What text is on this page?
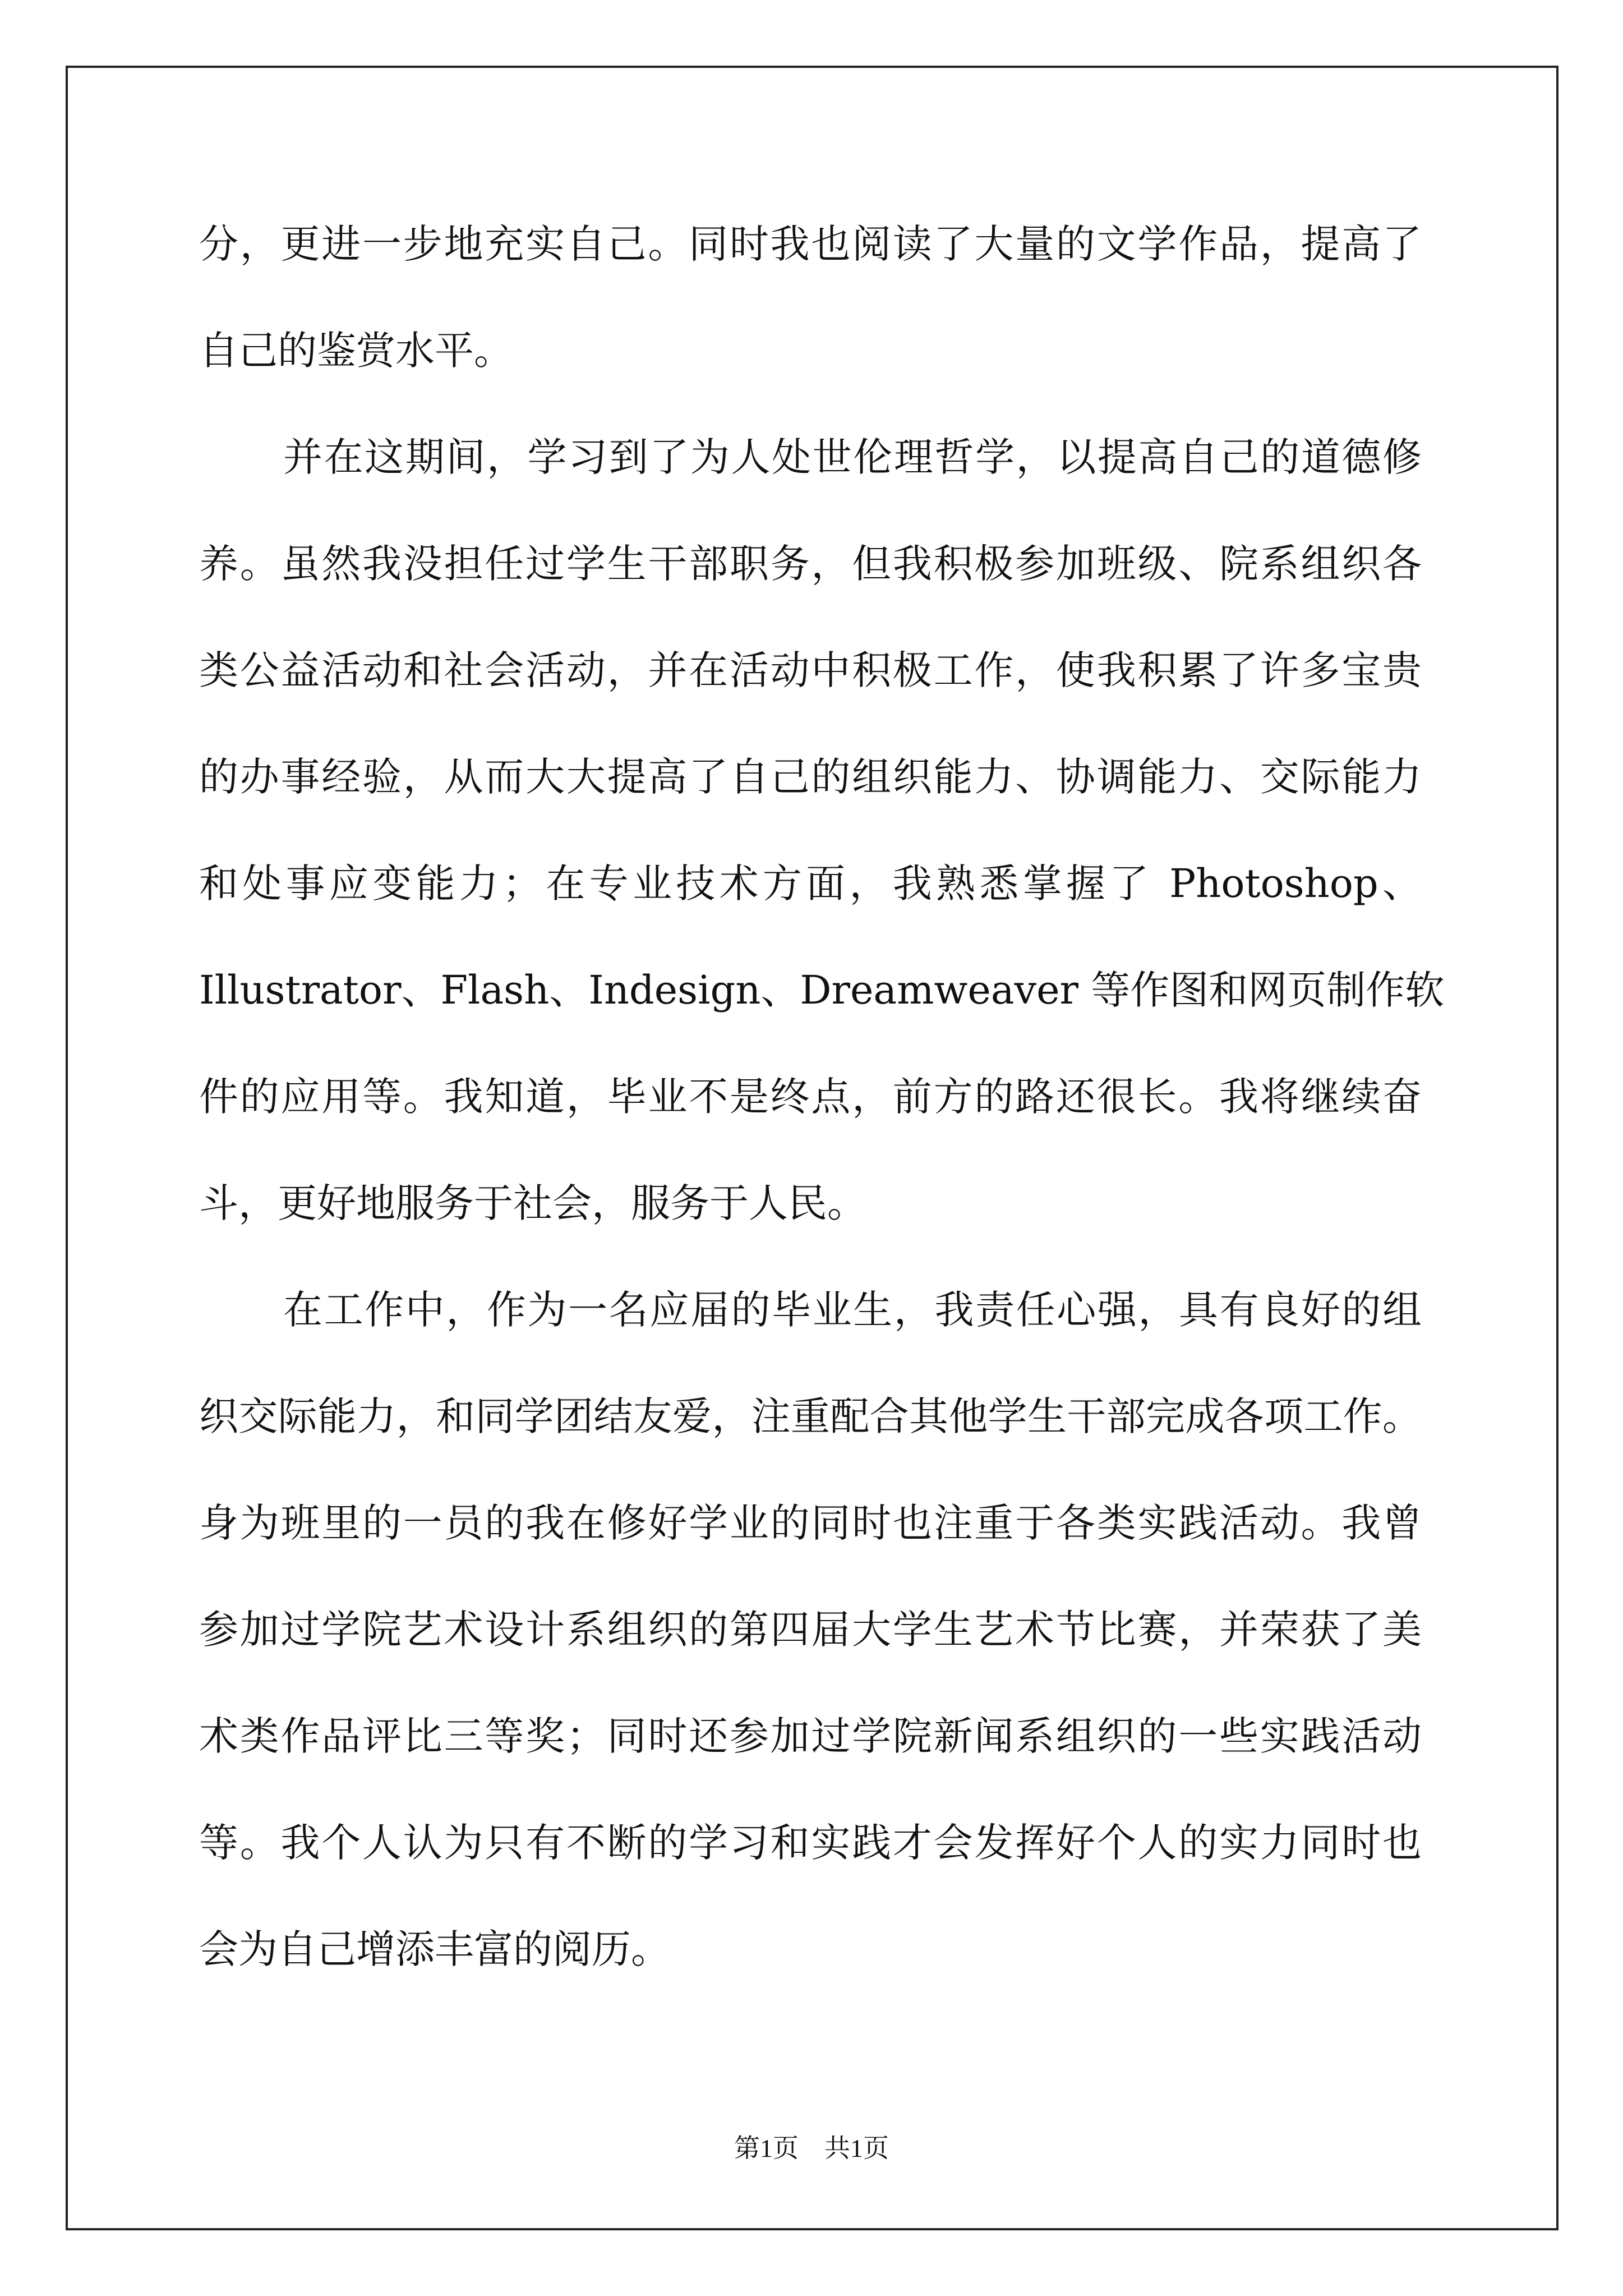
分，更进一步地充实自己。同时我也阅读了大量的文学作品，提高了
自己的鉴赏水平。
并在这期间，学习到了为人处世伦理哲学，以提高自己的道德修
养。虽然我没担任过学生干部职务，但我积极参加班级、院系组织各
类公益活动和社会活动，并在活动中积极工作，使我积累了许多宝贵
的办事经验，从而大大提高了自己的组织能力、协调能力、交际能力
和处事应变能力；在专业技术方面，我熟悉掌握了 Photoshop、
Illustrator、Flash、Indesign、Dreamweaver 等作图和网页制作软
件的应用等。我知道，毕业不是终点，前方的路还很长。我将继续奋
斗，更好地服务于社会，服务于人民。
在工作中，作为一名应届的毕业生，我责任心强，具有良好的组
织交际能力，和同学团结友爱，注重配合其他学生干部完成各项工作。
身为班里的一员的我在修好学业的同时也注重于各类实践活动。我曾
参加过学院艺术设计系组织的第四届大学生艺术节比赛，并荣获了美
术类作品评比三等奖；同时还参加过学院新闻系组织的一些实践活动
等。我个人认为只有不断的学习和实践才会发挥好个人的实力同时也
会为自己增添丰富的阅历。
第1页　共1页
